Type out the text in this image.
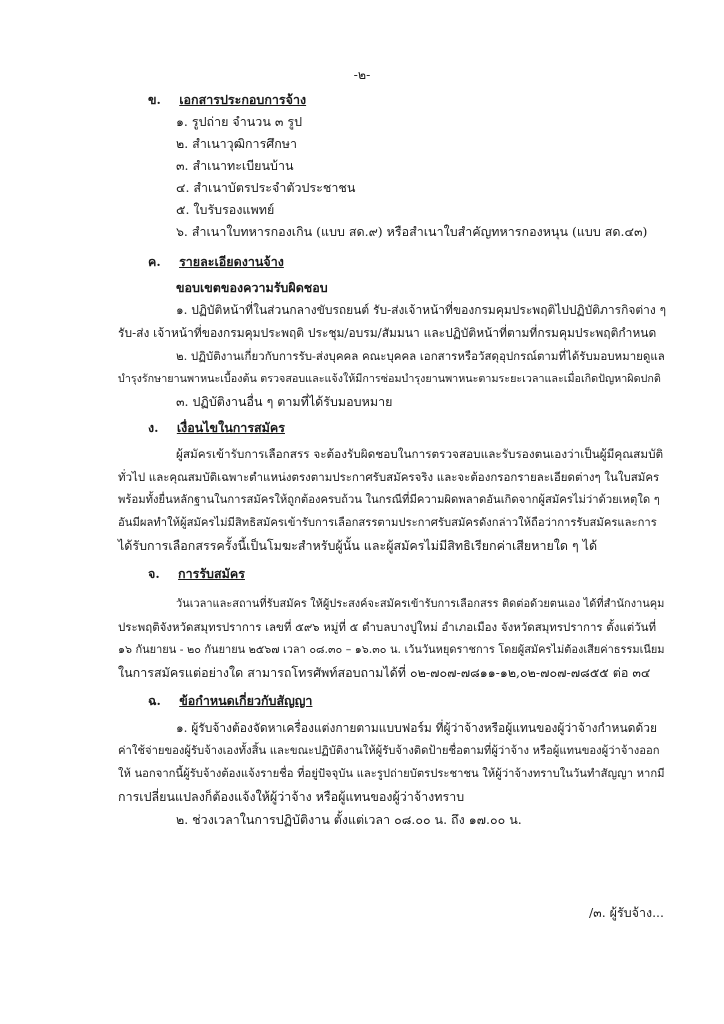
-๒-
ข. เอกสารประกอบการจ้าง
๑. รูปถ่าย จำนวน ๓ รูป
๒. สำเนาวุฒิการศึกษา
๓. สำเนาทะเบียนบ้าน
๔. สำเนาบัตรประจำตัวประชาชน
๕. ใบรับรองแพทย์
๖. สำเนาใบทหารกองเกิน (แบบ สด.๙) หรือสำเนาใบสำคัญทหารกองหนุน (แบบ สด.๔๓)
ค. รายละเอียดงานจ้าง
ขอบเขตของความรับผิดชอบ
๑. ปฏิบัติหน้าที่ในส่วนกลางขับรถยนต์ รับ-ส่งเจ้าหน้าที่ของกรมคุมประพฤติไปปฏิบัติภารกิจต่าง ๆ
รับ-ส่ง เจ้าหน้าที่ของกรมคุมประพฤติ ประชุม/อบรม/สัมมนา และปฏิบัติหน้าที่ตามที่กรมคุมประพฤติกำหนด
๒. ปฏิบัติงานเกี่ยวกับการรับ-ส่งบุคคล คณะบุคคล เอกสารหรือวัสดุอุปกรณ์ตามที่ได้รับมอบหมายดูแล
บำรุงรักษายานพาหนะเบื้องต้น ตรวจสอบและแจ้งให้มีการซ่อมบำรุงยานพาหนะตามระยะเวลาและเมื่อเกิดปัญหาผิดปกติ
๓. ปฏิบัติงานอื่น ๆ ตามที่ได้รับมอบหมาย
ง. เงื่อนไขในการสมัคร
ผู้สมัครเข้ารับการเลือกสรร จะต้องรับผิดชอบในการตรวจสอบและรับรองตนเองว่าเป็นผู้มีคุณสมบัติ
ทั่วไป และคุณสมบัติเฉพาะตำแหน่งตรงตามประกาศรับสมัครจริง และจะต้องกรอกรายละเอียดต่างๆ ในใบสมัคร
พร้อมทั้งยื่นหลักฐานในการสมัครให้ถูกต้องครบถ้วน ในกรณีที่มีความผิดพลาดอันเกิดจากผู้สมัครไม่ว่าด้วยเหตุใด ๆ
อันมีผลทำให้ผู้สมัครไม่มีสิทธิสมัครเข้ารับการเลือกสรรตามประกาศรับสมัครดังกล่าวให้ถือว่าการรับสมัครและการ
ได้รับการเลือกสรรครั้งนี้เป็นโมฆะสำหรับผู้นั้น และผู้สมัครไม่มีสิทธิเรียกค่าเสียหายใด ๆ ได้
จ. การรับสมัคร
วันเวลาและสถานที่รับสมัคร ให้ผู้ประสงค์จะสมัครเข้ารับการเลือกสรร ติดต่อด้วยตนเอง ได้ที่สำนักงานคุม
ประพฤติจังหวัดสมุทรปราการ เลขที่ ๕๙๖ หมู่ที่ ๕ ตำบลบางปูใหม่ อำเภอเมือง จังหวัดสมุทรปราการ ตั้งแต่วันที่
๑๖ กันยายน - ๒๐ กันยายน ๒๕๖๗ เวลา ๐๘.๓๐ – ๑๖.๓๐ น. เว้นวันหยุดราชการ โดยผู้สมัครไม่ต้องเสียค่าธรรมเนียม
ในการสมัครแต่อย่างใด สามารถโทรศัพท์สอบถามได้ที่ ๐๒-๗๐๗-๗๘๑๑-๑๒,๐๒-๗๐๗-๗๘๕๕ ต่อ ๓๔
ฉ. ข้อกำหนดเกี่ยวกับสัญญา
๑. ผู้รับจ้างต้องจัดหาเครื่องแต่งกายตามแบบฟอร์ม ที่ผู้ว่าจ้างหรือผู้แทนของผู้ว่าจ้างกำหนดด้วย
ค่าใช้จ่ายของผู้รับจ้างเองทั้งสิ้น และขณะปฏิบัติงานให้ผู้รับจ้างติดป้ายชื่อตามที่ผู้ว่าจ้าง หรือผู้แทนของผู้ว่าจ้างออก
ให้ นอกจากนี้ผู้รับจ้างต้องแจ้งรายชื่อ ที่อยู่ปัจจุบัน และรูปถ่ายบัตรประชาชน ให้ผู้ว่าจ้างทราบในวันทำสัญญา หากมี
การเปลี่ยนแปลงก็ต้องแจ้งให้ผู้ว่าจ้าง หรือผู้แทนของผู้ว่าจ้างทราบ
๒. ช่วงเวลาในการปฏิบัติงาน ตั้งแต่เวลา ๐๘.๐๐ น. ถึง ๑๗.๐๐ น.
/๓. ผู้รับจ้าง...
